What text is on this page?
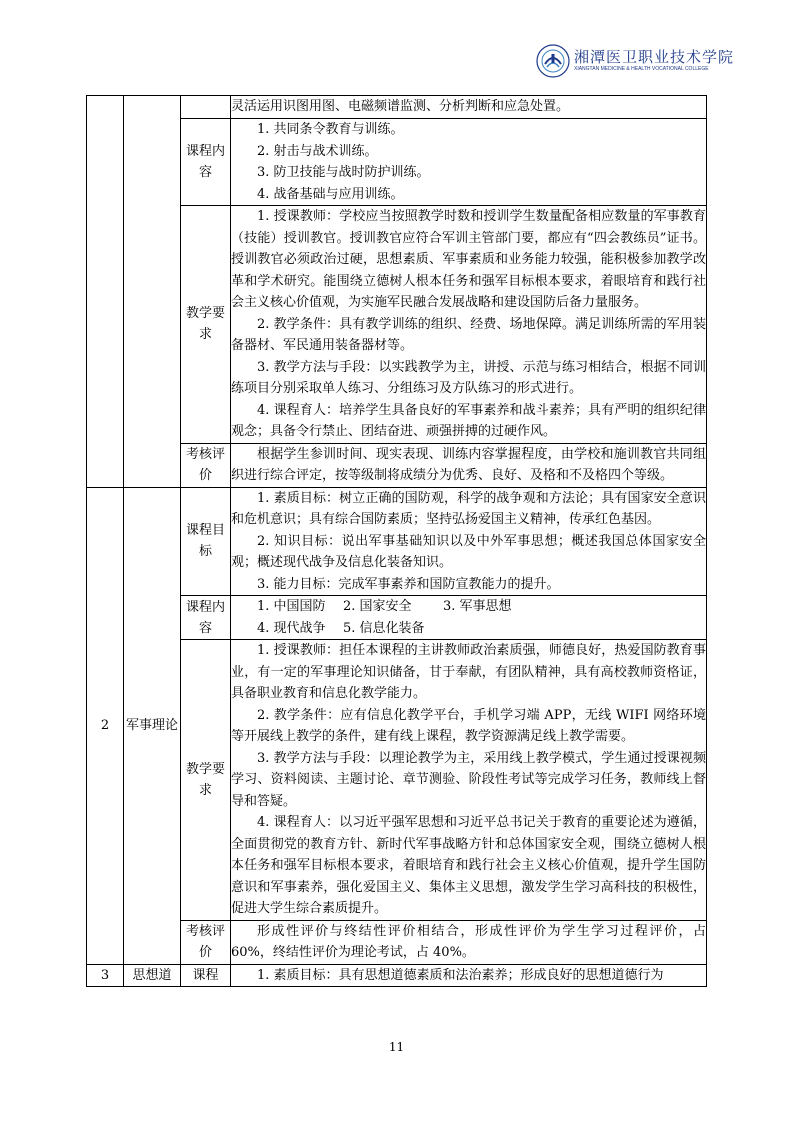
湘潭医卫职业技术学院
XIANGTAN MEDICINE & HEALTH VOCATIONAL COLLEGE

			灵活运用识图用图、电磁频谱监测、分析判断和应急处置。

		课程内容	1. 共同条令教育与训练。

2. 射击与战术训练。

3. 防卫技能与战时防护训练。

4. 战备基础与应用训练。

		教学要求	1. 授课教师：学校应当按照教学时数和授训学生数量配备相应数量的军事教育（技能）授训教官。授训教官应符合军训主管部门要，都应有“四会教练员”证书。授训教官必须政治过硬，思想素质、军事素质和业务能力较强，能积极参加教学改革和学术研究。能围绕立德树人根本任务和强军目标根本要求，着眼培育和践行社会主义核心价值观，为实施军民融合发展战略和建设国防后备力量服务。

2. 教学条件：具有教学训练的组织、经费、场地保障。满足训练所需的军用装备器材、军民通用装备器材等。

3. 教学方法与手段：以实践教学为主，讲授、示范与练习相结合，根据不同训练项目分别采取单人练习、分组练习及方队练习的形式进行。

4. 课程育人：培养学生具备良好的军事素养和战斗素养；具有严明的组织纪律观念；具备令行禁止、团结奋进、顽强拼搏的过硬作风。

		考核评价	根据学生参训时间、现实表现、训练内容掌握程度，由学校和施训教官共同组织进行综合评定，按等级制将成绩分为优秀、良好、及格和不及格四个等级。

2	军事理论	课程目标	1. 素质目标：树立正确的国防观，科学的战争观和方法论；具有国家安全意识和危机意识；具有综合国防素质；坚持弘扬爱国主义精神，传承红色基因。

2. 知识目标：说出军事基础知识以及中外军事思想；概述我国总体国家安全观；概述现代战争及信息化装备知识。

3. 能力目标：完成军事素养和国防宣教能力的提升。

		课程内容	1. 中国国防 2. 国家安全 3. 军事思想

4. 现代战争 5. 信息化装备

		教学要求	1. 授课教师：担任本课程的主讲教师政治素质强，师德良好，热爱国防教育事业，有一定的军事理论知识储备，甘于奉献，有团队精神，具有高校教师资格证，具备职业教育和信息化教学能力。

2. 教学条件：应有信息化教学平台，手机学习端 APP，无线 WIFI 网络环境等开展线上教学的条件，建有线上课程，教学资源满足线上教学需要。

3. 教学方法与手段：以理论教学为主，采用线上教学模式，学生通过授课视频学习、资料阅读、主题讨论、章节测验、阶段性考试等完成学习任务，教师线上督导和答疑。

4. 课程育人：以习近平强军思想和习近平总书记关于教育的重要论述为遵循，全面贯彻党的教育方针、新时代军事战略方针和总体国家安全观，围绕立德树人根本任务和强军目标根本要求，着眼培育和践行社会主义核心价值观，提升学生国防意识和军事素养，强化爱国主义、集体主义思想，激发学生学习高科技的积极性，促进大学生综合素质提升。

		考核评价	形成性评价与终结性评价相结合，形成性评价为学生学习过程评价，占 60%，终结性评价为理论考试，占 40%。

3	思想道	课程	1. 素质目标：具有思想道德素质和法治素养；形成良好的思想道德行为

11
